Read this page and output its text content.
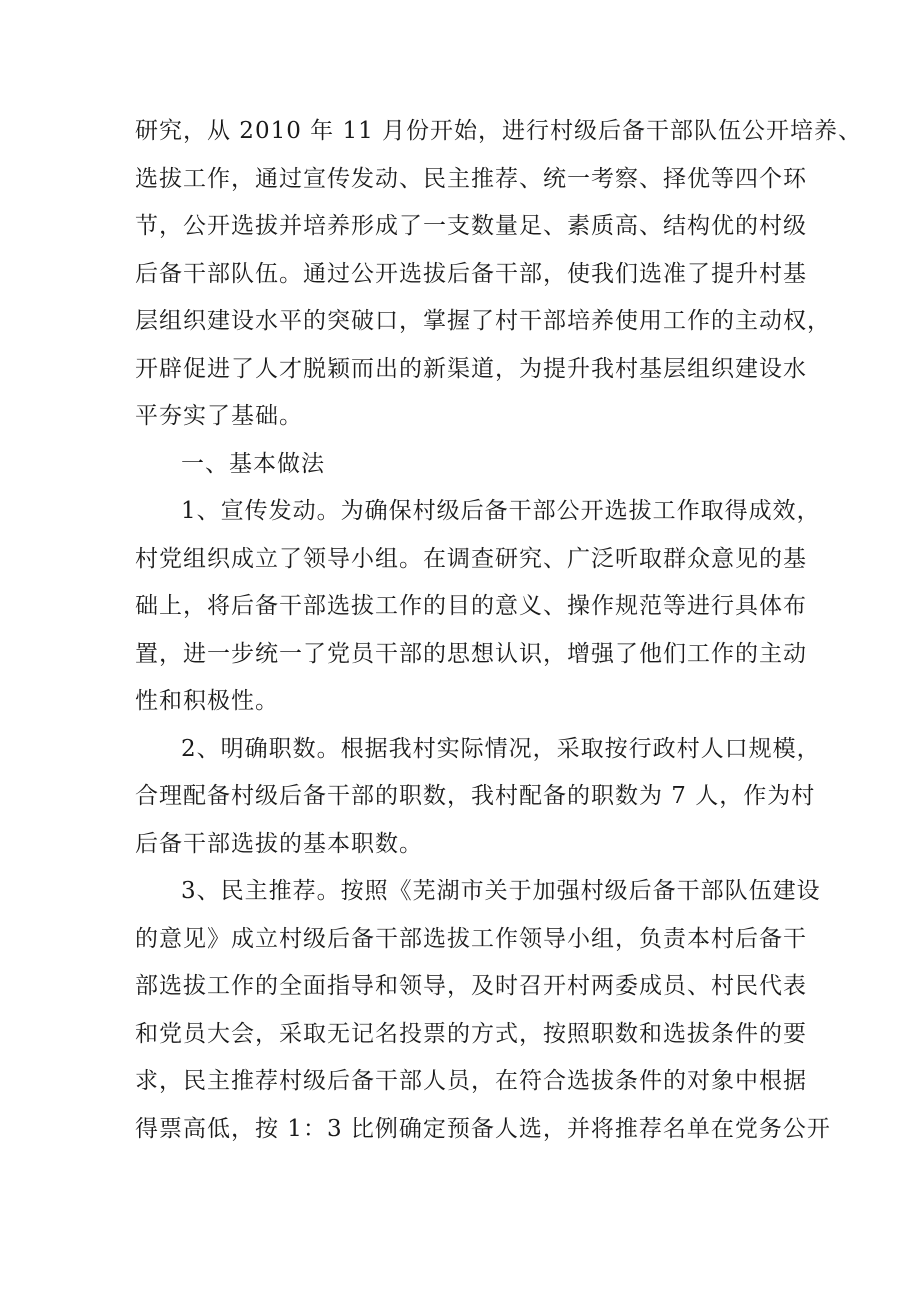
研究，从 2010 年 11 月份开始，进行村级后备干部队伍公开培养、
选拔工作，通过宣传发动、民主推荐、统一考察、择优等四个环
节，公开选拔并培养形成了一支数量足、素质高、结构优的村级
后备干部队伍。通过公开选拔后备干部，使我们选准了提升村基
层组织建设水平的突破口，掌握了村干部培养使用工作的主动权，
开辟促进了人才脱颖而出的新渠道，为提升我村基层组织建设水
平夯实了基础。
一、基本做法
1、宣传发动。为确保村级后备干部公开选拔工作取得成效，
村党组织成立了领导小组。在调查研究、广泛听取群众意见的基
础上，将后备干部选拔工作的目的意义、操作规范等进行具体布
置，进一步统一了党员干部的思想认识，增强了他们工作的主动
性和积极性。
2、明确职数。根据我村实际情况，采取按行政村人口规模，
合理配备村级后备干部的职数，我村配备的职数为 7 人，作为村
后备干部选拔的基本职数。
3、民主推荐。按照《芜湖市关于加强村级后备干部队伍建设
的意见》成立村级后备干部选拔工作领导小组，负责本村后备干
部选拔工作的全面指导和领导，及时召开村两委成员、村民代表
和党员大会，采取无记名投票的方式，按照职数和选拔条件的要
求，民主推荐村级后备干部人员，在符合选拔条件的对象中根据
得票高低，按 1：3 比例确定预备人选，并将推荐名单在党务公开
